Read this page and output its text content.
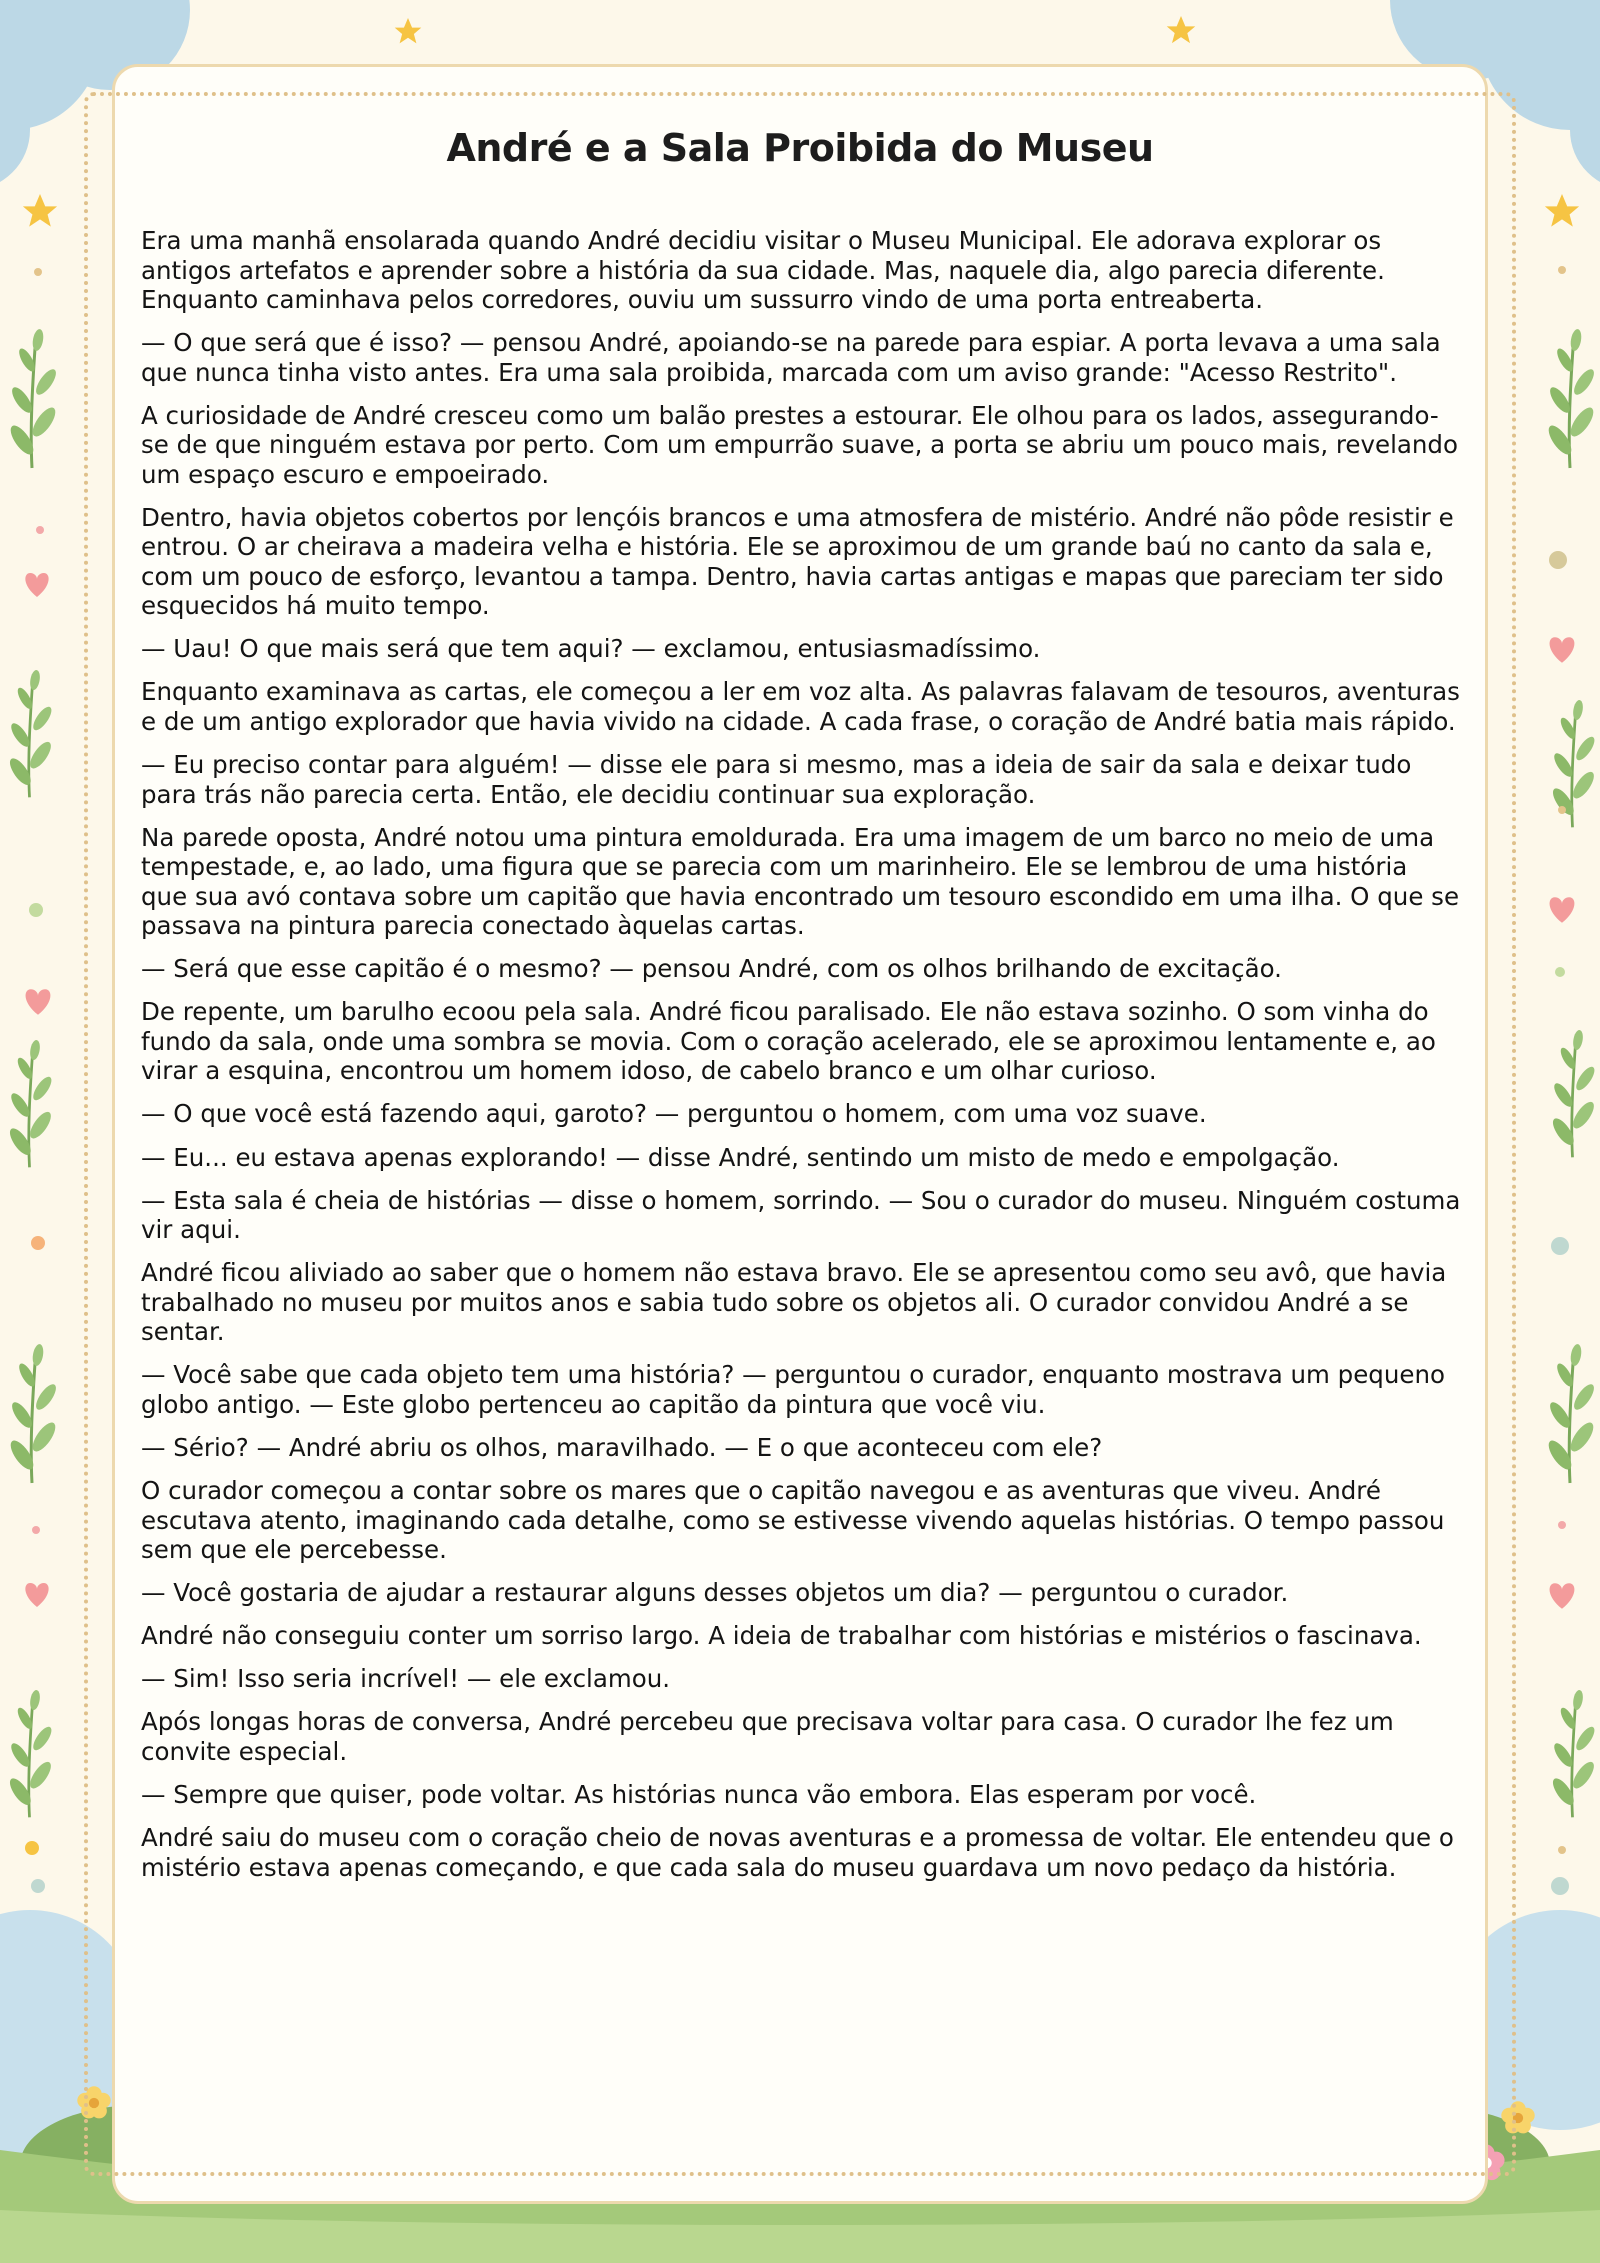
André e a Sala Proibida do Museu

Era uma manhã ensolarada quando André decidiu visitar o Museu Municipal. Ele adorava explorar os antigos artefatos e aprender sobre a história da sua cidade. Mas, naquele dia, algo parecia diferente. Enquanto caminhava pelos corredores, ouviu um sussurro vindo de uma porta entreaberta.

— O que será que é isso? — pensou André, apoiando-se na parede para espiar. A porta levava a uma sala que nunca tinha visto antes. Era uma sala proibida, marcada com um aviso grande: "Acesso Restrito".

A curiosidade de André cresceu como um balão prestes a estourar. Ele olhou para os lados, assegurando-se de que ninguém estava por perto. Com um empurrão suave, a porta se abriu um pouco mais, revelando um espaço escuro e empoeirado.

Dentro, havia objetos cobertos por lençóis brancos e uma atmosfera de mistério. André não pôde resistir e entrou. O ar cheirava a madeira velha e história. Ele se aproximou de um grande baú no canto da sala e, com um pouco de esforço, levantou a tampa. Dentro, havia cartas antigas e mapas que pareciam ter sido esquecidos há muito tempo.

— Uau! O que mais será que tem aqui? — exclamou, entusiasmadíssimo.

Enquanto examinava as cartas, ele começou a ler em voz alta. As palavras falavam de tesouros, aventuras e de um antigo explorador que havia vivido na cidade. A cada frase, o coração de André batia mais rápido.

— Eu preciso contar para alguém! — disse ele para si mesmo, mas a ideia de sair da sala e deixar tudo para trás não parecia certa. Então, ele decidiu continuar sua exploração.

Na parede oposta, André notou uma pintura emoldurada. Era uma imagem de um barco no meio de uma tempestade, e, ao lado, uma figura que se parecia com um marinheiro. Ele se lembrou de uma história que sua avó contava sobre um capitão que havia encontrado um tesouro escondido em uma ilha. O que se passava na pintura parecia conectado àquelas cartas.

— Será que esse capitão é o mesmo? — pensou André, com os olhos brilhando de excitação.

De repente, um barulho ecoou pela sala. André ficou paralisado. Ele não estava sozinho. O som vinha do fundo da sala, onde uma sombra se movia. Com o coração acelerado, ele se aproximou lentamente e, ao virar a esquina, encontrou um homem idoso, de cabelo branco e um olhar curioso.

— O que você está fazendo aqui, garoto? — perguntou o homem, com uma voz suave.

— Eu... eu estava apenas explorando! — disse André, sentindo um misto de medo e empolgação.

— Esta sala é cheia de histórias — disse o homem, sorrindo. — Sou o curador do museu. Ninguém costuma vir aqui.

André ficou aliviado ao saber que o homem não estava bravo. Ele se apresentou como seu avô, que havia trabalhado no museu por muitos anos e sabia tudo sobre os objetos ali. O curador convidou André a se sentar.

— Você sabe que cada objeto tem uma história? — perguntou o curador, enquanto mostrava um pequeno globo antigo. — Este globo pertenceu ao capitão da pintura que você viu.

— Sério? — André abriu os olhos, maravilhado. — E o que aconteceu com ele?

O curador começou a contar sobre os mares que o capitão navegou e as aventuras que viveu. André escutava atento, imaginando cada detalhe, como se estivesse vivendo aquelas histórias. O tempo passou sem que ele percebesse.

— Você gostaria de ajudar a restaurar alguns desses objetos um dia? — perguntou o curador.

André não conseguiu conter um sorriso largo. A ideia de trabalhar com histórias e mistérios o fascinava.

— Sim! Isso seria incrível! — ele exclamou.

Após longas horas de conversa, André percebeu que precisava voltar para casa. O curador lhe fez um convite especial.

— Sempre que quiser, pode voltar. As histórias nunca vão embora. Elas esperam por você.

André saiu do museu com o coração cheio de novas aventuras e a promessa de voltar. Ele entendeu que o mistério estava apenas começando, e que cada sala do museu guardava um novo pedaço da história.
